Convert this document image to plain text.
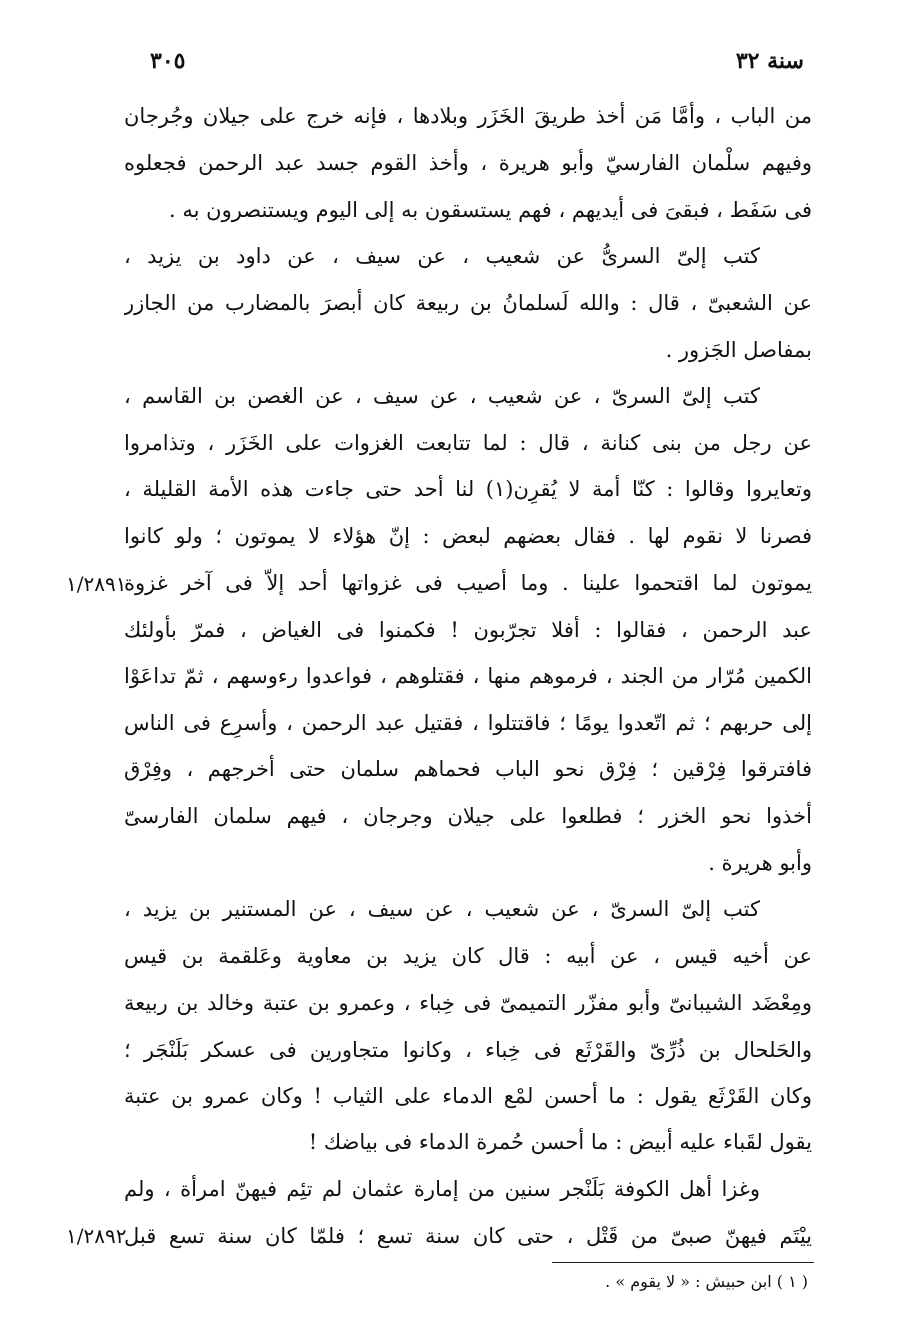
سنة ٣٢
٣٠٥
من الباب ، وأمَّا مَن أخذ طريقَ الخَزَر وبلادها ، فإنه خرج على جيلان وجُرجان
وفيهم سلْمان الفارسيّ وأبو هريرة ، وأخذ القوم جسد عبد الرحمن فجعلوه
فى سَفَط ، فبقىَ فى أيديهم ، فهم يستسقون به إلى اليوم ويستنصرون به .
كتب إلىّ السرىُّ عن شعيب ، عن سيف ، عن داود بن يزيد ،
عن الشعبىّ ، قال : والله لَسلمانُ بن ربيعة كان أبصرَ بالمضارب من الجازر
بمفاصل الجَزور .
كتب إلىّ السرىّ ، عن شعيب ، عن سيف ، عن الغصن بن القاسم ،
عن رجل من بنى كنانة ، قال : لما تتابعت الغزوات على الخَزَر ، وتذامروا
وتعايروا وقالوا : كنّا أمة لا يُقرِن(١) لنا أحد حتى جاءت هذه الأمة القليلة ،
فصرنا لا نقوم لها . فقال بعضهم لبعض : إنّ هؤلاء لا يموتون ؛ ولو كانوا
يموتون لما اقتحموا علينا . وما أصيب فى غزواتها أحد إلاّ فى آخر غزوة
عبد الرحمن ، فقالوا : أفلا تجرّبون ! فكمنوا فى الغياض ، فمرّ بأولئك
الكمين مُرّار من الجند ، فرموهم منها ، فقتلوهم ، فواعدوا رءوسهم ، ثمّ تداعَوْا
إلى حربهم ؛ ثم اتّعدوا يومًا ؛ فاقتتلوا ، فقتيل عبد الرحمن ، وأسرِع فى الناس
فافترقوا فِرْقين ؛ فِرْق نحو الباب فحماهم سلمان حتى أخرجهم ، وفِرْق
أخذوا نحو الخزر ؛ فطلعوا على جيلان وجرجان ، فيهم سلمان الفارسىّ
وأبو هريرة .
كتب إلىّ السرىّ ، عن شعيب ، عن سيف ، عن المستنير بن يزيد ،
عن أخيه قيس ، عن أبيه : قال كان يزيد بن معاوية وعَلقمة بن قيس
ومِعْضَد الشيبانىّ وأبو مفزّر التميمىّ فى خِباء ، وعمرو بن عتبة وخالد بن ربيعة
والحَلحال بن ذُرِّىّ والقَرْثَع فى خِباء ، وكانوا متجاورين فى عسكر بَلَنْجَر ؛
وكان القَرْثَع يقول : ما أحسن لمْع الدماء على الثياب ! وكان عمرو بن عتبة
يقول لقَباء عليه أبيض : ما أحسن حُمرة الدماء فى بياضك !
وغزا أهل الكوفة بَلَنْجر سنين من إمارة عثمان لم تئِم فيهنّ امرأة ، ولم
ييْتَم فيهنّ صبىّ من قَتْل ، حتى كان سنة تسع ؛ فلمّا كان سنة تسع قبل
١/٢٨٩١
١/٢٨٩٢
( ١ ) ابن حبيش : « لا يقوم » .
